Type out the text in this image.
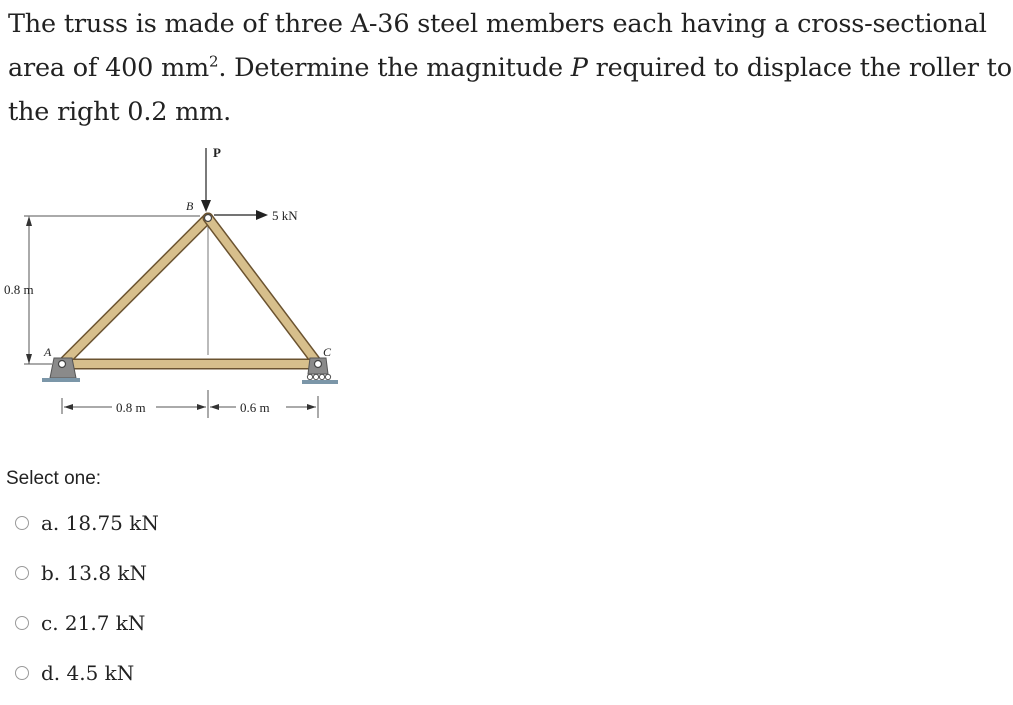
The truss is made of three A-36 steel members each having a cross-sectional area of 400 $mm^2$. Determine the magnitude P required to displace the roller to the right 0.2 mm.

P
B
A	C
5 kN
0.8 m
0.8 m	0.6 m

Select one:

a. 18.75 kN
b. 13.8 kN
c. 21.7 kN
d. 4.5 kN
